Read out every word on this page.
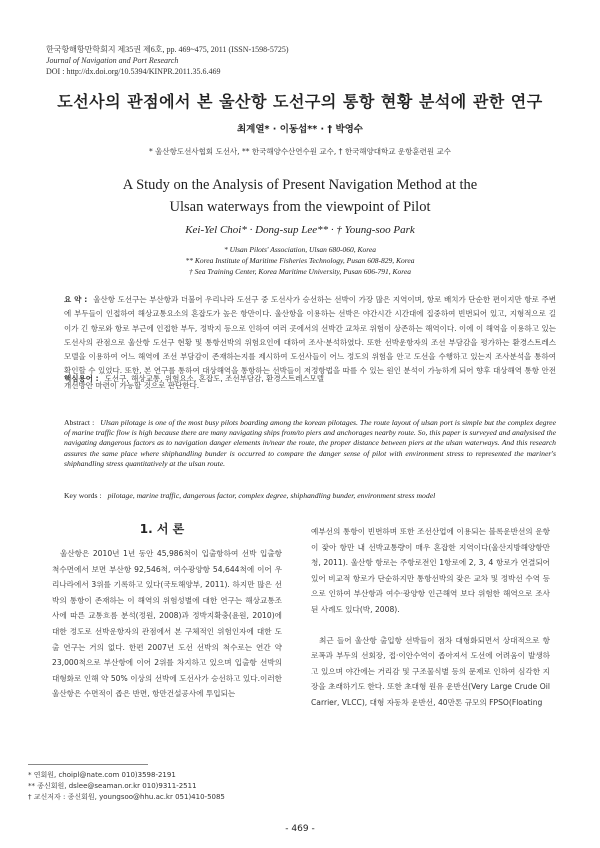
한국항해항만학회지 제35권 제6호, pp. 469~475, 2011 (ISSN-1598-5725)
Journal of Navigation and Port Research
DOI : http://dx.doi.org/10.5394/KINPR.2011.35.6.469
도선사의 관점에서 본 울산항 도선구의 통항 현황 분석에 관한 연구
최계열* · 이동섭** · † 박영수
* 울산항도선사협회 도선사, ** 한국해양수산연수원 교수, † 한국해양대학교 운항훈련원 교수
A Study on the Analysis of Present Navigation Method at the
Ulsan waterways from the viewpoint of Pilot
Kei-Yel Choi* · Dong-sup Lee** · † Young-soo Park
* Ulsan Pilots' Association, Ulsan 680-060, Korea
** Korea Institute of Maritime Fisheries Technology, Pusan 608-829, Korea
† Sea Training Center, Korea Maritime University, Pusan 606-791, Korea
요 약 : 울산항 도선구는 부산항과 더불어 우리나라 도선구 중 도선사가 승선하는 선박이 가장 많은 지역이며, 항로 배치가 단순한 편이지만 항로 주변에 부두들이 인접하여 해상교통요소의 혼잡도가 높은 항만이다. 울산항을 이용하는 선박은 야간시간 시간대에 집중하여 빈번되어 있고, 지형적으로 길이가 긴 항로와 항로 부근에 인접한 부두, 정박지 등으로 인하여 여러 곳에서의 선박간 교차로 위험이 상존하는 해역이다. 이에 이 해역을 이용하고 있는 도선사의 관점으로 울산항 도선구 현황 및 통항선박의 위험요인에 대하여 조사·분석하였다. 또한 선박운항자의 조선 부담감을 평가하는 환경스트레스 모델을 이용하여 어느 해역에 조선 부담감이 존재하는지를 제시하여 도선사들이 어느 정도의 위험을 안고 도선을 수행하고 있는지 조사분석을 통하여 확인할 수 있었다. 또한, 본 연구를 통하여 대상해역을 통항하는 선박들이 저정항법을 따를 수 있는 원인 분석이 가능하게 되어 향후 대상해역 통항 안전 개선방안 마련이 가능할 것으로 판단한다.
핵심용어 : 도선구, 해상교통, 위험요소, 혼잡도, 조선부담감, 환경스트레스모델
Abstract : Ulsan pilotage is one of the most busy pilots boarding among the korean pilotages. The route layout of ulsan port is simple but the complex degree of marine traffic flow is high because there are many navigating ships from/to piers and anchorages nearby route. So, this paper is surveyed and analysised the navigating dangerous factors as to navigation danger elements in/near the route, the proper distance between piers at the ulsan waterways. And this research assures the same place where shiphandling bunder is occurred to compare the danger sense of pilot with environment stress to represented the mariner's shiphandling stress quantitatively at the ulsan route.
Key words : pilotage, marine traffic, dangerous factor, complex degree, shiphandling bunder, environment stress model
1. 서 론

울산항은 2010년 1년 동안 45,986척이 입출항하여 선박 입출항 척수면에서 보면 부산항 92,546척, 여수광양항 54,644척에 이어 우리나라에서 3위를 기록하고 있다(국토해양부, 2011). 하지만 많은 선박의 통항이 존재하는 이 해역의 위험성별에 대한 연구는 해상교통조사에 따른 교통흐름 분석(정원, 2008)과 정박지확충(윤원, 2010)에 대한 정도로 선박운항자의 관점에서 본 구체적인 위험인자에 대한 도출 연구는 거의 없다. 한편 2007년 도선 선박의 척수로는 연간 약 23,000척으로 부산항에 이어 2위를 차지하고 있으며 입출항 선박의 대형화로 인해 약 50% 이상의 선박에 도선사가 승선하고 있다.이러한 울산항은 수면적이 좁은 반면, 항만건설공사에 투입되는

예부선의 통항이 빈번하며 또한 조선산업에 이용되는 블록운반선의 운항이 잦아 항만 내 선박교통량이 매우 혼잡한 지역이다(울산지방해양항만청, 2011). 울산항 항로는 주항로전인 1항로에 2, 3, 4 항로가 연결되어 있어 비교적 항로가 단순하지만 통항선박의 잦은 교차 및 정박선 수역 등으로 인하여 부산항과 여수·광양항 인근해역 보다 위험한 해역으로 조사된 사례도 있다(박, 2008).

최근 들어 울산항 출입항 선박들이 점차 대형화되면서 상대적으로 항로폭과 부두의 선회장, 접·이안수역이 좁아져서 도선에 어려움이 발생하고 있으며 야간에는 거리감 및 구조물식별 등의 문제로 인하여 심각한 지장을 초래하기도 한다. 또한 초대형 원유 운반선(Very Large Crude Oil Carrier, VLCC), 대형 자동차 운반선, 40만톤 규모의 FPSO(Floating

* 연회원, choipl@nate.com 010)3598-2191
** 종신회원, dslee@seaman.or.kr 010)9311-2511
† 교신저자 : 종신회원, youngsoo@hhu.ac.kr 051)410-5085
- 469 -
